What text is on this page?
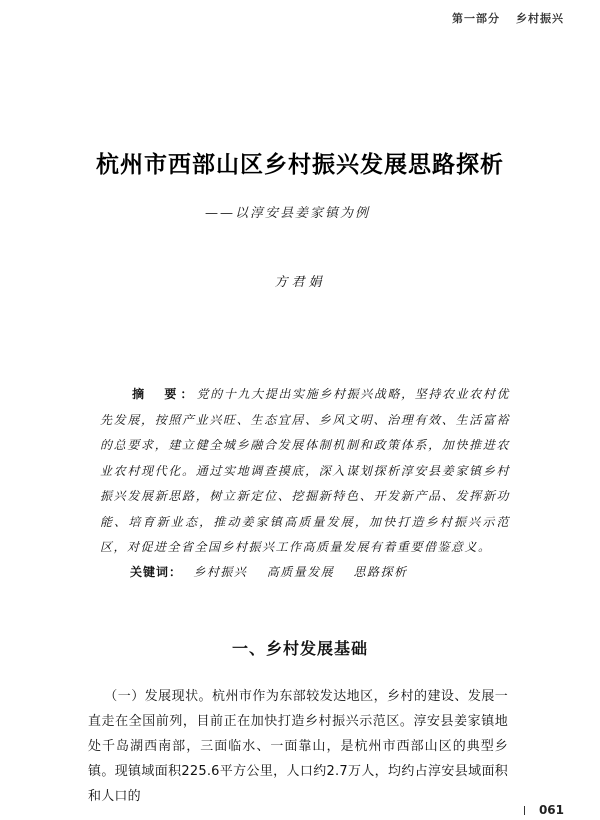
第一部分 乡村振兴
杭州市西部山区乡村振兴发展思路探析
——以淳安县姜家镇为例
方君娟
摘　要：党的十九大提出实施乡村振兴战略，坚持农业农村优先发展，按照产业兴旺、生态宜居、乡风文明、治理有效、生活富裕的总要求，建立健全城乡融合发展体制机制和政策体系，加快推进农业农村现代化。通过实地调查摸底，深入谋划探析淳安县姜家镇乡村振兴发展新思路，树立新定位、挖掘新特色、开发新产品、发挥新功能、培育新业态，推动姜家镇高质量发展，加快打造乡村振兴示范区，对促进全省全国乡村振兴工作高质量发展有着重要借鉴意义。
关键词： 乡村振兴 高质量发展 思路探析
一、乡村发展基础
（一）发展现状。杭州市作为东部较发达地区，乡村的建设、发展一直走在全国前列，目前正在加快打造乡村振兴示范区。淳安县姜家镇地处千岛湖西南部，三面临水、一面靠山，是杭州市西部山区的典型乡镇。现镇域面积225.6平方公里，人口约2.7万人，均约占淳安县域面积和人口的
061
